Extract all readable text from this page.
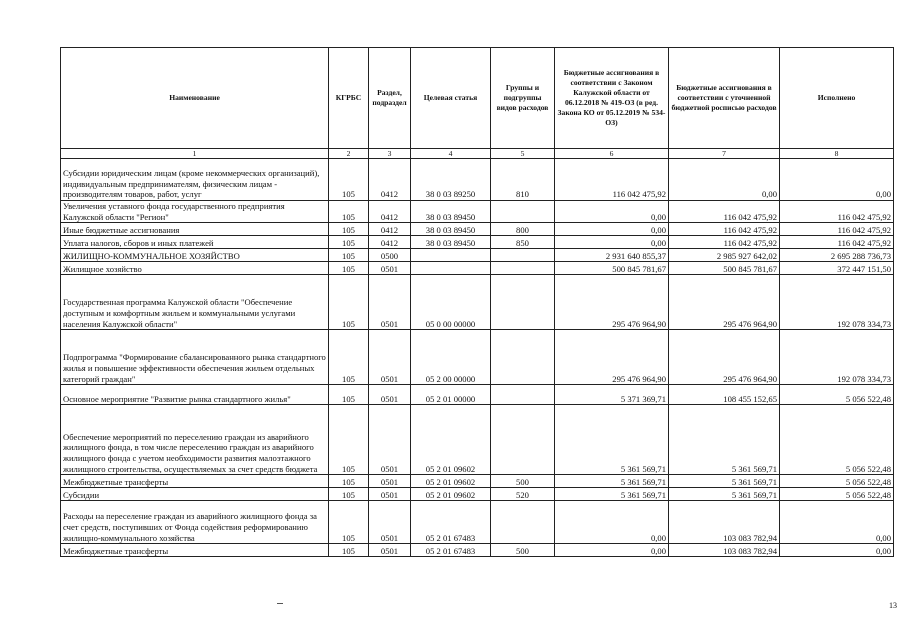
Наименование	КГРБС	Раздел, подраздел	Целевая статья	Группы и подгруппы видов расходов	Бюджетные ассигнования в соответствии с Законом Калужской области от 06.12.2018 № 419-ОЗ (в ред. Закона КО от 05.12.2019 № 534-ОЗ)	Бюджетные ассигнования в соответствии с уточненной бюджетной росписью расходов	Исполнено
1	2	3	4	5	6	7	8
Субсидии юридическим лицам (кроме некоммерческих организаций), индивидуальным предпринимателям, физическим лицам - производителям товаров, работ, услуг	105	0412	38 0 03 89250	810	116 042 475,92	0,00	0,00
Увеличения уставного фонда государственного предприятия Калужской области "Регион"	105	0412	38 0 03 89450		0,00	116 042 475,92	116 042 475,92
Иные бюджетные ассигнования	105	0412	38 0 03 89450	800	0,00	116 042 475,92	116 042 475,92
Уплата налогов, сборов и иных платежей	105	0412	38 0 03 89450	850	0,00	116 042 475,92	116 042 475,92
ЖИЛИЩНО-КОММУНАЛЬНОЕ ХОЗЯЙСТВО	105	0500			2 931 640 855,37	2 985 927 642,02	2 695 288 736,73
Жилищное хозяйство	105	0501			500 845 781,67	500 845 781,67	372 447 151,50
Государственная программа Калужской области "Обеспечение доступным и комфортным жильем и коммунальными услугами населения Калужской области"	105	0501	05 0 00 00000		295 476 964,90	295 476 964,90	192 078 334,73
Подпрограмма "Формирование сбалансированного рынка стандартного жилья и повышение эффективности обеспечения жильем отдельных категорий граждан"	105	0501	05 2 00 00000		295 476 964,90	295 476 964,90	192 078 334,73
Основное мероприятие "Развитие рынка стандартного жилья"	105	0501	05 2 01 00000		5 371 369,71	108 455 152,65	5 056 522,48
Обеспечение мероприятий по переселению граждан из аварийного жилищного фонда, в том числе переселению граждан из аварийного жилищного фонда с учетом необходимости развития малоэтажного жилищного строительства, осуществляемых за счет средств бюджета	105	0501	05 2 01 09602		5 361 569,71	5 361 569,71	5 056 522,48
Межбюджетные трансферты	105	0501	05 2 01 09602	500	5 361 569,71	5 361 569,71	5 056 522,48
Субсидии	105	0501	05 2 01 09602	520	5 361 569,71	5 361 569,71	5 056 522,48
Расходы на переселение граждан из аварийного жилищного фонда за счет средств, поступивших от Фонда содействия реформированию жилищно-коммунального хозяйства	105	0501	05 2 01 67483		0,00	103 083 782,94	0,00
Межбюджетные трансферты	105	0501	05 2 01 67483	500	0,00	103 083 782,94	0,00
13
